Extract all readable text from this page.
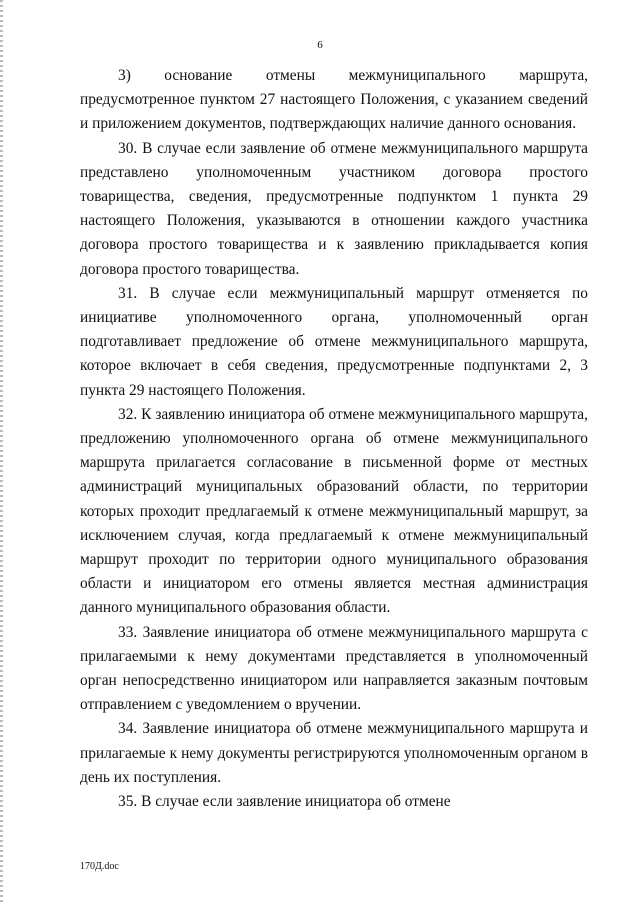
6

3) основание отмены межмуниципального маршрута, предусмотренное пунктом 27 настоящего Положения, с указанием сведений и приложением документов, подтверждающих наличие данного основания.

30. В случае если заявление об отмене межмуниципального маршрута представлено уполномоченным участником договора простого товарищества, сведения, предусмотренные подпунктом 1 пункта 29 настоящего Положения, указываются в отношении каждого участника договора простого товарищества и к заявлению прикладывается копия договора простого товарищества.

31. В случае если межмуниципальный маршрут отменяется по инициативе уполномоченного органа, уполномоченный орган подготавливает предложение об отмене межмуниципального маршрута, которое включает в себя сведения, предусмотренные подпунктами 2, 3 пункта 29 настоящего Положения.

32. К заявлению инициатора об отмене межмуниципального маршрута, предложению уполномоченного органа об отмене межмуниципального маршрута прилагается согласование в письменной форме от местных администраций муниципальных образований области, по территории которых проходит предлагаемый к отмене межмуниципальный маршрут, за исключением случая, когда предлагаемый к отмене межмуниципальный маршрут проходит по территории одного муниципального образования области и инициатором его отмены является местная администрация данного муниципального образования области.

33. Заявление инициатора об отмене межмуниципального маршрута с прилагаемыми к нему документами представляется в уполномоченный орган непосредственно инициатором или направляется заказным почтовым отправлением с уведомлением о вручении.

34. Заявление инициатора об отмене межмуниципального маршрута и прилагаемые к нему документы регистрируются уполномоченным органом в день их поступления.

35. В случае если заявление инициатора об отмене

170Д.doc
